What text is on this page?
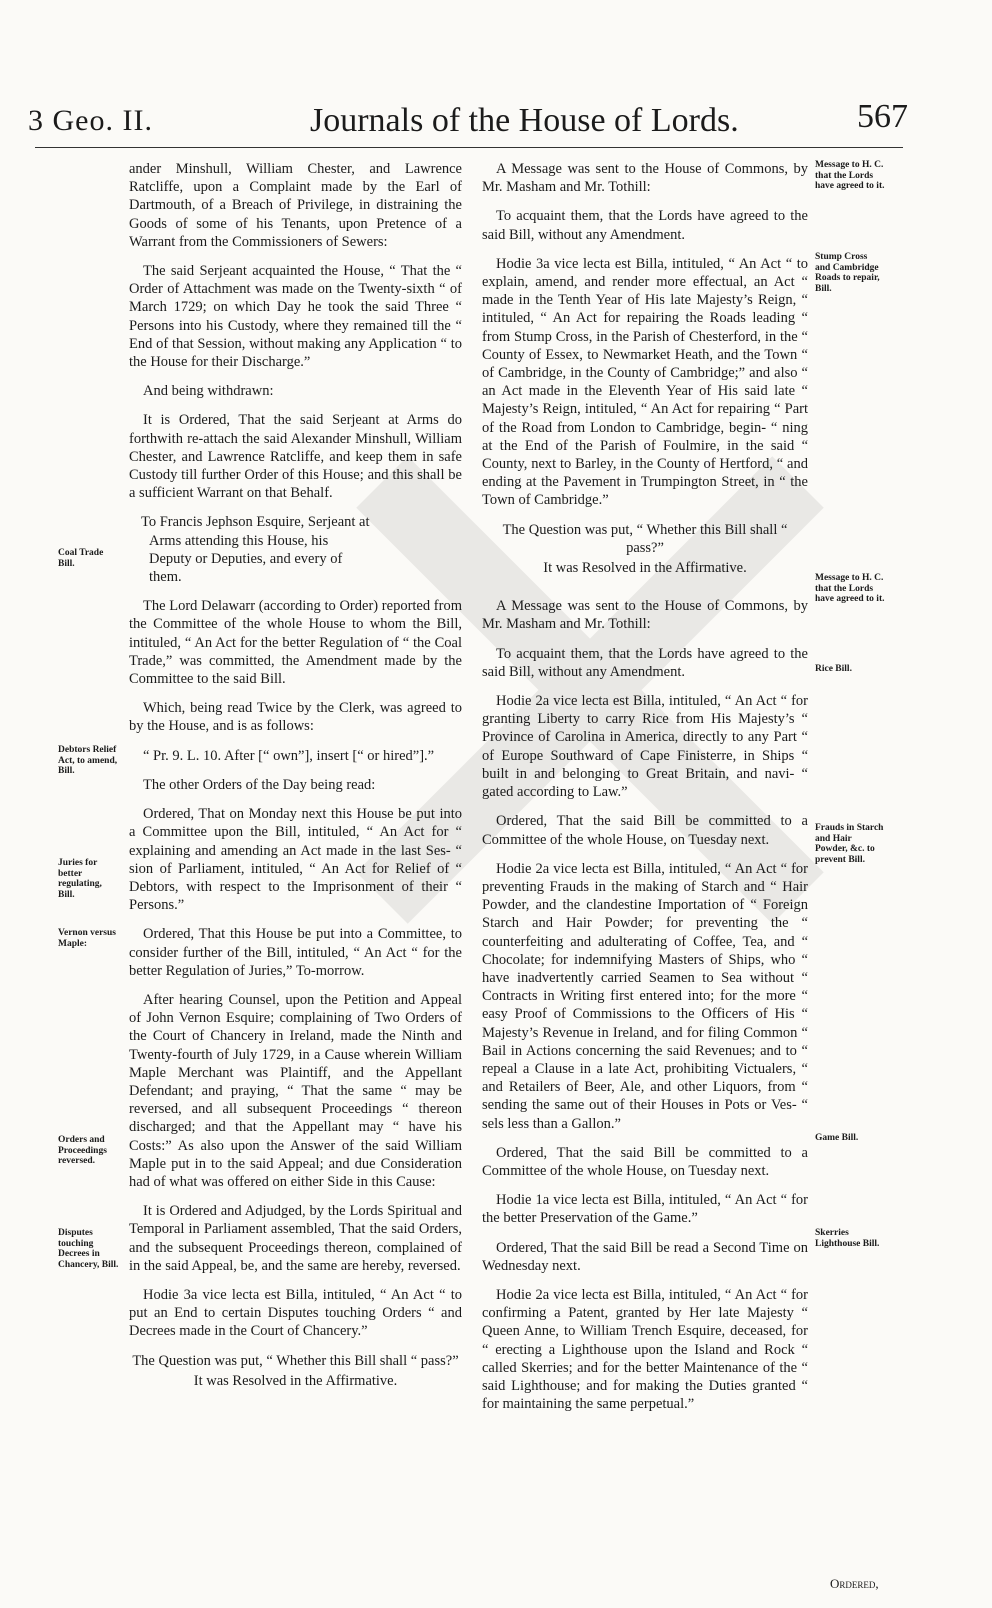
3 Geo. II.	Journals of the House of Lords.	567

ander Minshull, William Chester, and Lawrence Ratcliffe, upon a Complaint made by the Earl of Dartmouth, of a Breach of Privilege, in distraining the Goods of some of his Tenants, upon Pretence of a Warrant from the Commissioners of Sewers:

The said Serjeant acquainted the House, “ That the “ Order of Attachment was made on the Twenty-sixth “ of March 1729; on which Day he took the said Three “ Persons into his Custody, where they remained till the “ End of that Session, without making any Application “ to the House for their Discharge.”

And being withdrawn:

It is Ordered, That the said Serjeant at Arms do forthwith re-attach the said Alexander Minshull, William Chester, and Lawrence Ratcliffe, and keep them in safe Custody till further Order of this House; and this shall be a sufficient Warrant on that Behalf.

To Francis Jephson Esquire, Serjeant at Arms attending this House, his Deputy or Deputies, and every of them.

The Lord Delawarr (according to Order) reported from the Committee of the whole House to whom the Bill, intituled, “ An Act for the better Regulation of “ the Coal Trade,” was committed, the Amendment made by the Committee to the said Bill.

Which, being read Twice by the Clerk, was agreed to by the House, and is as follows:

“ Pr. 9. L. 10. After [“ own”], insert [“ or hired”].”

The other Orders of the Day being read:

Ordered, That on Monday next this House be put into a Committee upon the Bill, intituled, “ An Act for “ explaining and amending an Act made in the last Ses- “ sion of Parliament, intituled, “ An Act for Relief of “ Debtors, with respect to the Imprisonment of their “ Persons.”

Ordered, That this House be put into a Committee, to consider further of the Bill, intituled, “ An Act “ for the better Regulation of Juries,” To-morrow.

After hearing Counsel, upon the Petition and Appeal of John Vernon Esquire; complaining of Two Orders of the Court of Chancery in Ireland, made the Ninth and Twenty-fourth of July 1729, in a Cause wherein William Maple Merchant was Plaintiff, and the Appellant Defendant; and praying, “ That the same “ may be reversed, and all subsequent Proceedings “ thereon discharged; and that the Appellant may “ have his Costs:” As also upon the Answer of the said William Maple put in to the said Appeal; and due Consideration had of what was offered on either Side in this Cause:

It is Ordered and Adjudged, by the Lords Spiritual and Temporal in Parliament assembled, That the said Orders, and the subsequent Proceedings thereon, complained of in the said Appeal, be, and the same are hereby, reversed.

Hodie 3a vice lecta est Billa, intituled, “ An Act “ to put an End to certain Disputes touching Orders “ and Decrees made in the Court of Chancery.”

The Question was put, “ Whether this Bill shall “ pass?”

It was Resolved in the Affirmative.

A Message was sent to the House of Commons, by Mr. Masham and Mr. Tothill:

To acquaint them, that the Lords have agreed to the said Bill, without any Amendment.

Hodie 3a vice lecta est Billa, intituled, “ An Act “ to explain, amend, and render more effectual, an Act “ made in the Tenth Year of His late Majesty’s Reign, “ intituled, “ An Act for repairing the Roads leading “ from Stump Cross, in the Parish of Chesterford, in the “ County of Essex, to Newmarket Heath, and the Town “ of Cambridge, in the County of Cambridge;” and also “ an Act made in the Eleventh Year of His said late “ Majesty’s Reign, intituled, “ An Act for repairing “ Part of the Road from London to Cambridge, begin- “ ning at the End of the Parish of Foulmire, in the said “ County, next to Barley, in the County of Hertford, “ and ending at the Pavement in Trumpington Street, in “ the Town of Cambridge.”

The Question was put, “ Whether this Bill shall “ pass?”

It was Resolved in the Affirmative.

A Message was sent to the House of Commons, by Mr. Masham and Mr. Tothill:

To acquaint them, that the Lords have agreed to the said Bill, without any Amendment.

Hodie 2a vice lecta est Billa, intituled, “ An Act “ for granting Liberty to carry Rice from His Majesty’s “ Province of Carolina in America, directly to any Part “ of Europe Southward of Cape Finisterre, in Ships “ built in and belonging to Great Britain, and navi- “ gated according to Law.”

Ordered, That the said Bill be committed to a Committee of the whole House, on Tuesday next.

Hodie 2a vice lecta est Billa, intituled, “ An Act “ for preventing Frauds in the making of Starch and “ Hair Powder, and the clandestine Importation of “ Foreign Starch and Hair Powder; for preventing the “ counterfeiting and adulterating of Coffee, Tea, and “ Chocolate; for indemnifying Masters of Ships, who “ have inadvertently carried Seamen to Sea without “ Contracts in Writing first entered into; for the more “ easy Proof of Commissions to the Officers of His “ Majesty’s Revenue in Ireland, and for filing Common “ Bail in Actions concerning the said Revenues; and to “ repeal a Clause in a late Act, prohibiting Victualers, “ and Retailers of Beer, Ale, and other Liquors, from “ sending the same out of their Houses in Pots or Ves- “ sels less than a Gallon.”

Ordered, That the said Bill be committed to a Committee of the whole House, on Tuesday next.

Hodie 1a vice lecta est Billa, intituled, “ An Act “ for the better Preservation of the Game.”

Ordered, That the said Bill be read a Second Time on Wednesday next.

Hodie 2a vice lecta est Billa, intituled, “ An Act “ for confirming a Patent, granted by Her late Majesty “ Queen Anne, to William Trench Esquire, deceased, for “ erecting a Lighthouse upon the Island and Rock “ called Skerries; and for the better Maintenance of the “ said Lighthouse; and for making the Duties granted “ for maintaining the same perpetual.”

Coal Trade Bill.
Debtors Relief Act, to amend, Bill.
Juries for better regulating, Bill.
Vernon versus Maple:
Orders and Proceedings reversed.
Disputes touching Decrees in Chancery, Bill.
Message to H. C. that the Lords have agreed to it.
Stump Cross and Cambridge Roads to repair, Bill.
Message to H. C. that the Lords have agreed to it.
Rice Bill.
Frauds in Starch and Hair Powder, &c. to prevent Bill.
Game Bill.
Skerries Lighthouse Bill.
Ordered,
